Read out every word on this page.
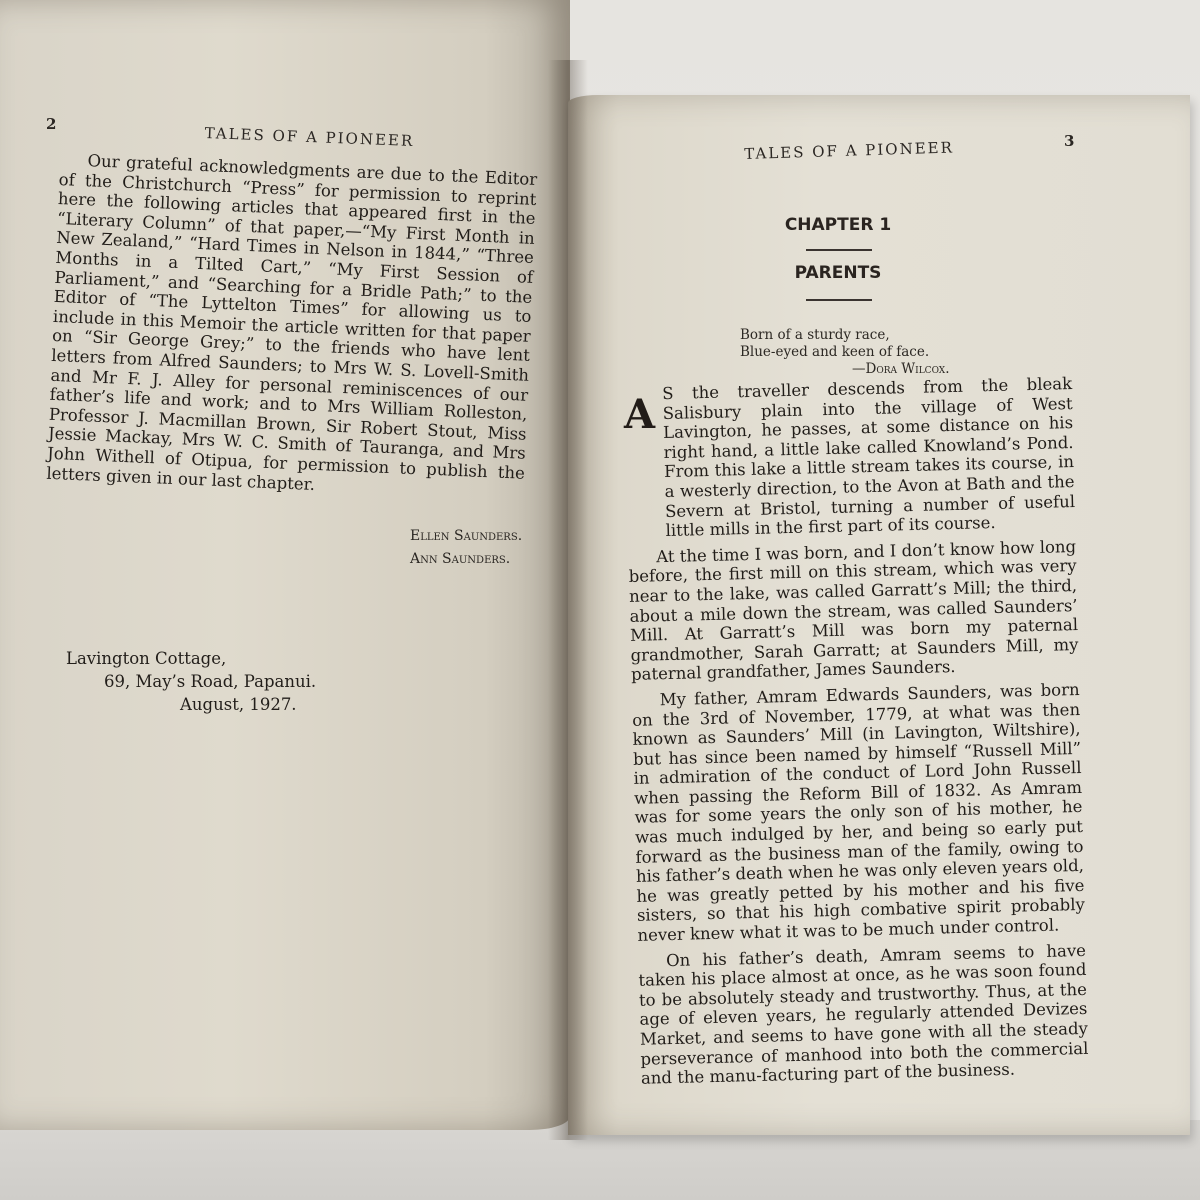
2	TALES OF A PIONEER

Our grateful acknowledgments are due to the Editor of the Christchurch “Press” for permission to reprint here the following articles that appeared first in the “Literary Column” of that paper,—“My First Month in New Zealand,” “Hard Times in Nelson in 1844,” “Three Months in a Tilted Cart,” “My First Session of Parliament,” and “Searching for a Bridle Path;” to the Editor of “The Lyttelton Times” for allowing us to include in this Memoir the article written for that paper on “Sir George Grey;” to the friends who have lent letters from Alfred Saunders; to Mrs W. S. Lovell-Smith and Mr F. J. Alley for personal reminiscences of our father’s life and work; and to Mrs William Rolleston, Professor J. Macmillan Brown, Sir Robert Stout, Miss Jessie Mackay, Mrs W. C. Smith of Tauranga, and Mrs John Withell of Otipua, for permission to publish the letters given in our last chapter.

Ellen Saunders.
Ann Saunders.
Lavington Cottage,
69, May’s Road, Papanui.
August, 1927.
TALES OF A PIONEER	3
CHAPTER 1
PARENTS
Born of a sturdy race,
Blue-eyed and keen of face.
—Dora Wilcox.
A

S the traveller descends from the bleak Salisbury plain into the village of West Lavington, he passes, at some distance on his right hand, a little lake called Knowland’s Pond. From this lake a little stream takes its course, in a westerly direction, to the Avon at Bath and the Severn at Bristol, turning a number of useful little mills in the first part of its course.

At the time I was born, and I don’t know how long before, the first mill on this stream, which was very near to the lake, was called Garratt’s Mill; the third, about a mile down the stream, was called Saunders’ Mill. At Garratt’s Mill was born my paternal grandmother, Sarah Garratt; at Saunders Mill, my paternal grandfather, James Saunders.

My father, Amram Edwards Saunders, was born on the 3rd of November, 1779, at what was then known as Saunders’ Mill (in Lavington, Wiltshire), but has since been named by himself “Russell Mill” in admiration of the conduct of Lord John Russell when passing the Reform Bill of 1832. As Amram was for some years the only son of his mother, he was much indulged by her, and being so early put forward as the business man of the family, owing to his father’s death when he was only eleven years old, he was greatly petted by his mother and his five sisters, so that his high combative spirit probably never knew what it was to be much under control.

On his father’s death, Amram seems to have taken his place almost at once, as he was soon found to be absolutely steady and trustworthy. Thus, at the age of eleven years, he regularly attended Devizes Market, and seems to have gone with all the steady perseverance of manhood into both the commercial and the manu-facturing part of the business.
